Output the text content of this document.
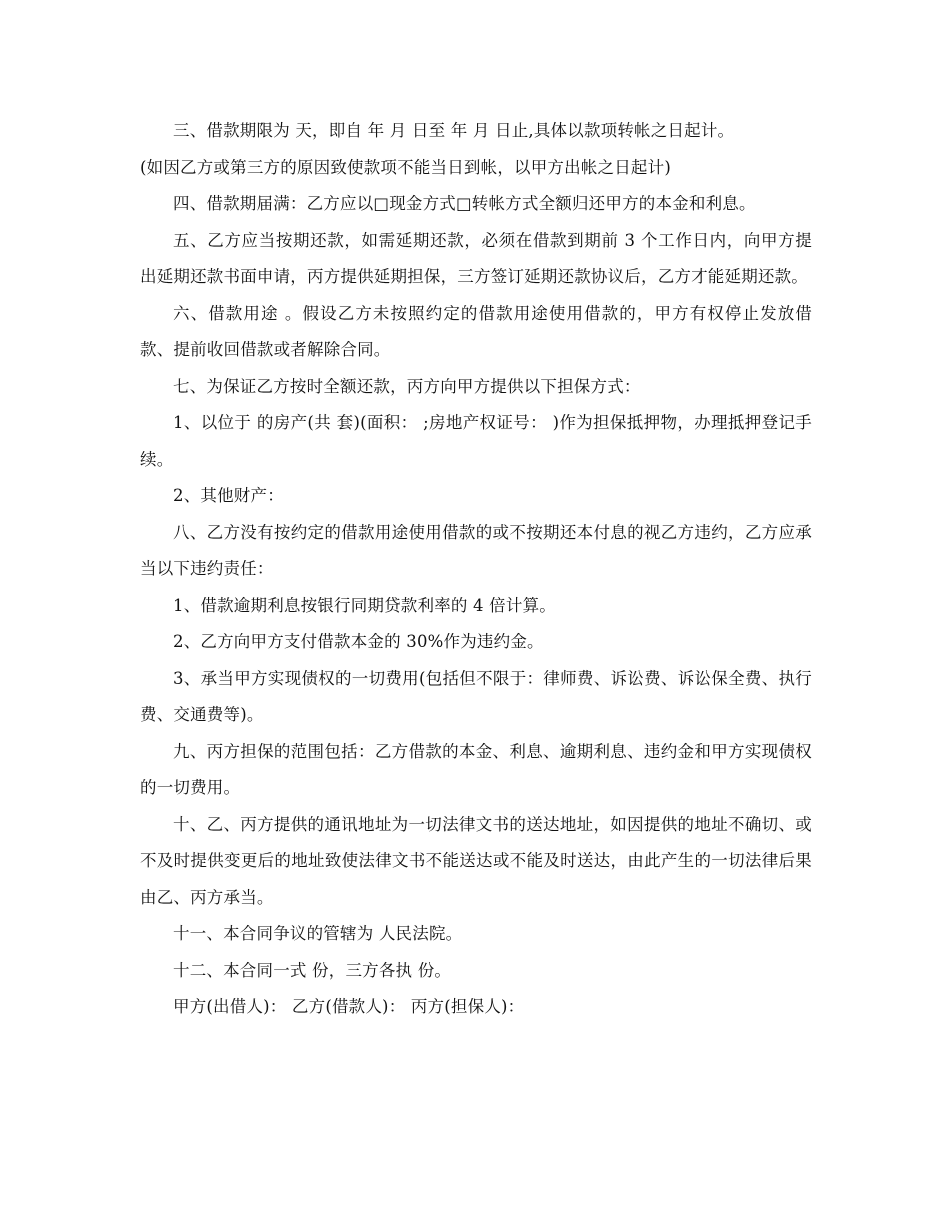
三、借款期限为 天，即自 年 月 日至 年 月 日止,具体以款项转帐之日起计。

(如因乙方或第三方的原因致使款项不能当日到帐，以甲方出帐之日起计)

四、借款期届满：乙方应以□现金方式□转帐方式全额归还甲方的本金和利息。

五、乙方应当按期还款，如需延期还款，必须在借款到期前 3 个工作日内，向甲方提出延期还款书面申请，丙方提供延期担保，三方签订延期还款协议后，乙方才能延期还款。

六、借款用途 。假设乙方未按照约定的借款用途使用借款的，甲方有权停止发放借款、提前收回借款或者解除合同。

七、为保证乙方按时全额还款，丙方向甲方提供以下担保方式：

1、以位于 的房产(共 套)(面积： ;房地产权证号： )作为担保抵押物，办理抵押登记手续。

2、其他财产：

八、乙方没有按约定的借款用途使用借款的或不按期还本付息的视乙方违约，乙方应承当以下违约责任：

1、借款逾期利息按银行同期贷款利率的 4 倍计算。

2、乙方向甲方支付借款本金的 30%作为违约金。

3、承当甲方实现债权的一切费用(包括但不限于：律师费、诉讼费、诉讼保全费、执行费、交通费等)。

九、丙方担保的范围包括：乙方借款的本金、利息、逾期利息、违约金和甲方实现债权的一切费用。

十、乙、丙方提供的通讯地址为一切法律文书的送达地址，如因提供的地址不确切、或不及时提供变更后的地址致使法律文书不能送达或不能及时送达，由此产生的一切法律后果由乙、丙方承当。

十一、本合同争议的管辖为 人民法院。

十二、本合同一式 份，三方各执 份。

甲方(出借人)： 乙方(借款人)： 丙方(担保人)：
